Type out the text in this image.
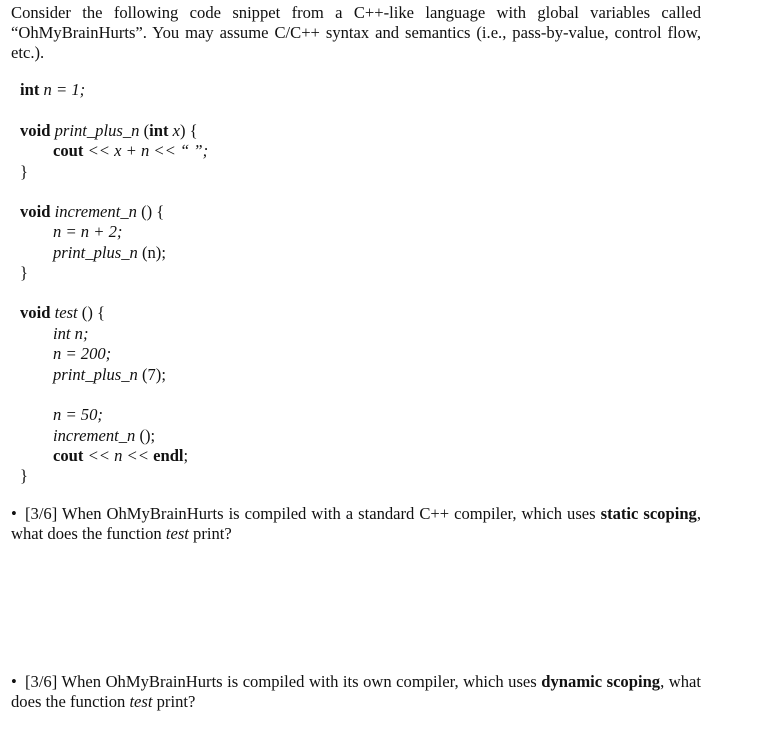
Consider the following code snippet from a C++-like language with global variables called “OhMyBrainHurts”. You may assume C/C++ syntax and semantics (i.e., pass-by-value, control flow, etc.).
int n = 1;
void print_plus_n (int x) {
cout << x + n << “ ”;
}
void increment_n () {
n = n + 2;
print_plus_n (n);
}
void test () {
int n;
n = 200;
print_plus_n (7);
n = 50;
increment_n ();
cout << n << endl;
}
• [3/6] When OhMyBrainHurts is compiled with a standard C++ compiler, which uses static scoping, what does the function test print?
• [3/6] When OhMyBrainHurts is compiled with its own compiler, which uses dynamic scoping, what does the function test print?
